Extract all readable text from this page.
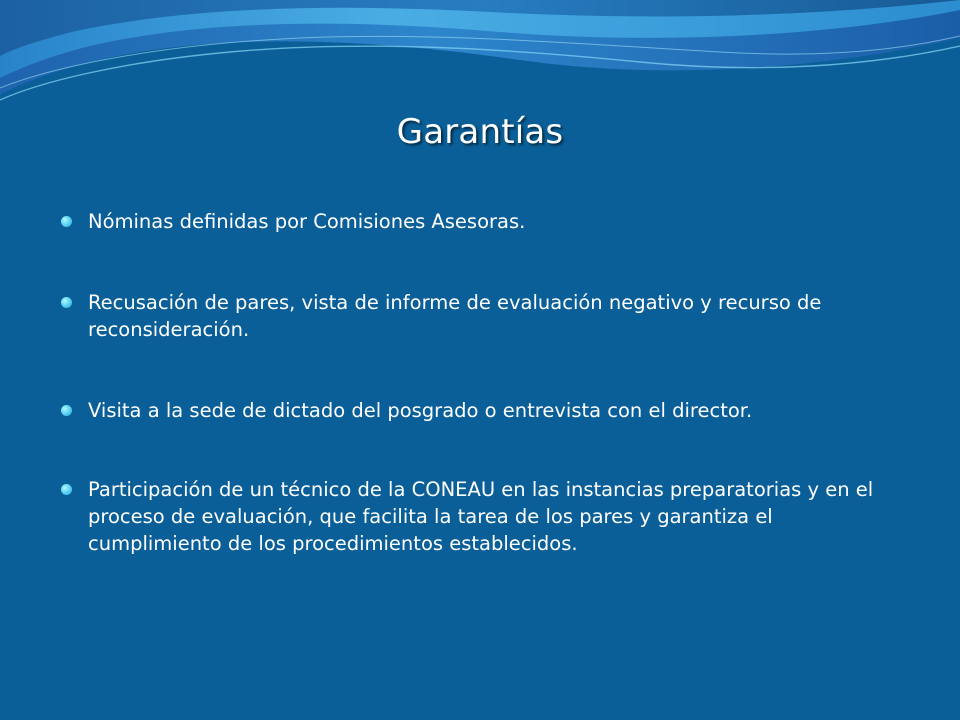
Garantías
Nóminas definidas por Comisiones Asesoras.
Recusación de pares, vista de informe de evaluación negativo y recurso de reconsideración.
Visita a la sede de dictado del posgrado o entrevista con el director.
Participación de un técnico de la CONEAU en las instancias preparatorias y en el proceso de evaluación, que facilita la tarea de los pares y garantiza el cumplimiento de los procedimientos establecidos.
